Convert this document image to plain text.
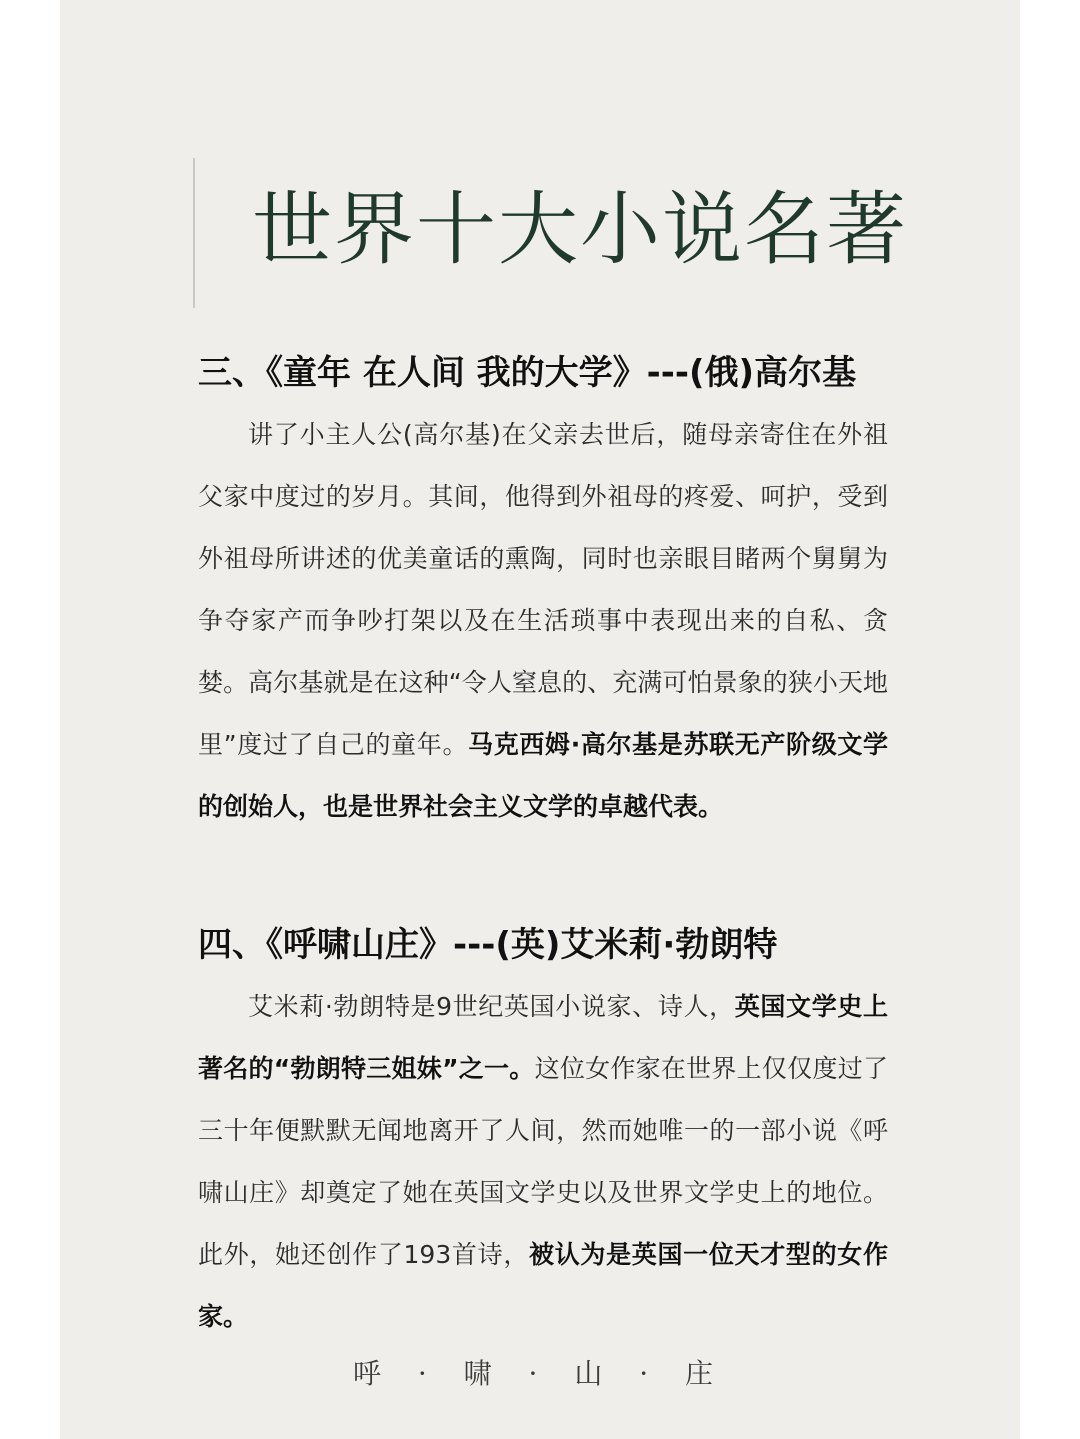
世界十大小说名著
三、《童年 在人间 我的大学》---(俄)高尔基

讲了小主人公(高尔基)在父亲去世后，随母亲寄住在外祖父家中度过的岁月。其间，他得到外祖母的疼爱、呵护，受到外祖母所讲述的优美童话的熏陶，同时也亲眼目睹两个舅舅为争夺家产而争吵打架以及在生活琐事中表现出来的自私、贪婪。高尔基就是在这种“令人窒息的、充满可怕景象的狭小天地里”度过了自己的童年。马克西姆·高尔基是苏联无产阶级文学的创始人，也是世界社会主义文学的卓越代表。

四、《呼啸山庄》---(英)艾米莉·勃朗特

艾米莉·勃朗特是9世纪英国小说家、诗人，英国文学史上著名的“勃朗特三姐妹”之一。这位女作家在世界上仅仅度过了三十年便默默无闻地离开了人间，然而她唯一的一部小说《呼啸山庄》却奠定了她在英国文学史以及世界文学史上的地位。此外，她还创作了193首诗，被认为是英国一位天才型的女作家。

呼 · 啸 · 山 · 庄
